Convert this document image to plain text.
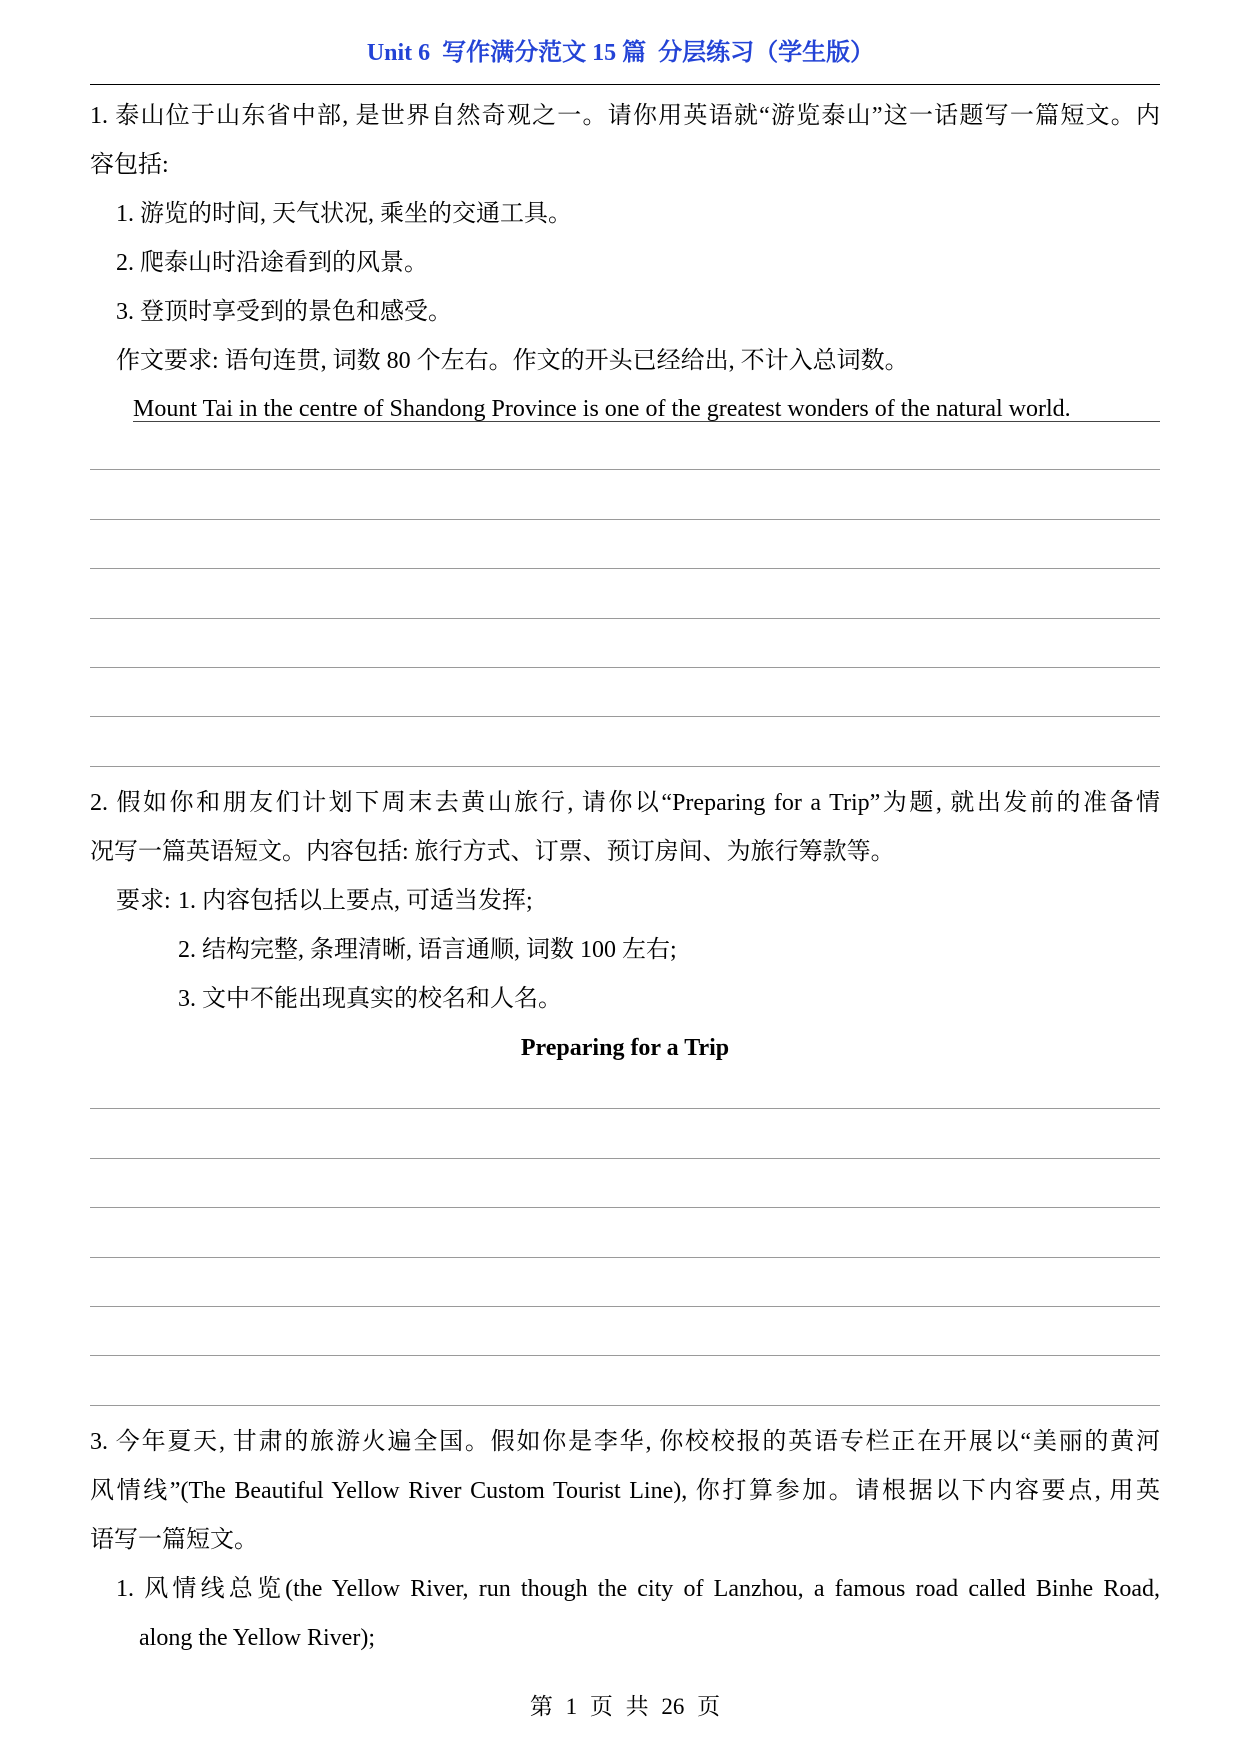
Unit 6  写作满分范文 15 篇  分层练习（学生版）
1. 泰山位于山东省中部, 是世界自然奇观之一。请你用英语就“游览泰山”这一话题写一篇短文。内
容包括:
1. 游览的时间, 天气状况, 乘坐的交通工具。
2. 爬泰山时沿途看到的风景。
3. 登顶时享受到的景色和感受。
作文要求: 语句连贯, 词数 80 个左右。作文的开头已经给出, 不计入总词数。
Mount Tai in the centre of Shandong Province is one of the greatest wonders of the natural world.
2. 假如你和朋友们计划下周末去黄山旅行, 请你以“Preparing for a Trip”为题, 就出发前的准备情
况写一篇英语短文。内容包括: 旅行方式、订票、预订房间、为旅行筹款等。
要求: 1. 内容包括以上要点, 可适当发挥;
2. 结构完整, 条理清晰, 语言通顺, 词数 100 左右;
3. 文中不能出现真实的校名和人名。
Preparing for a Trip
3. 今年夏天, 甘肃的旅游火遍全国。假如你是李华, 你校校报的英语专栏正在开展以“美丽的黄河
风情线”(The Beautiful Yellow River Custom Tourist Line), 你打算参加。请根据以下内容要点, 用英
语写一篇短文。
1. 风情线总览(the Yellow River, run though the city of Lanzhou, a famous road called Binhe Road,
along the Yellow River);
第 1 页 共 26 页
